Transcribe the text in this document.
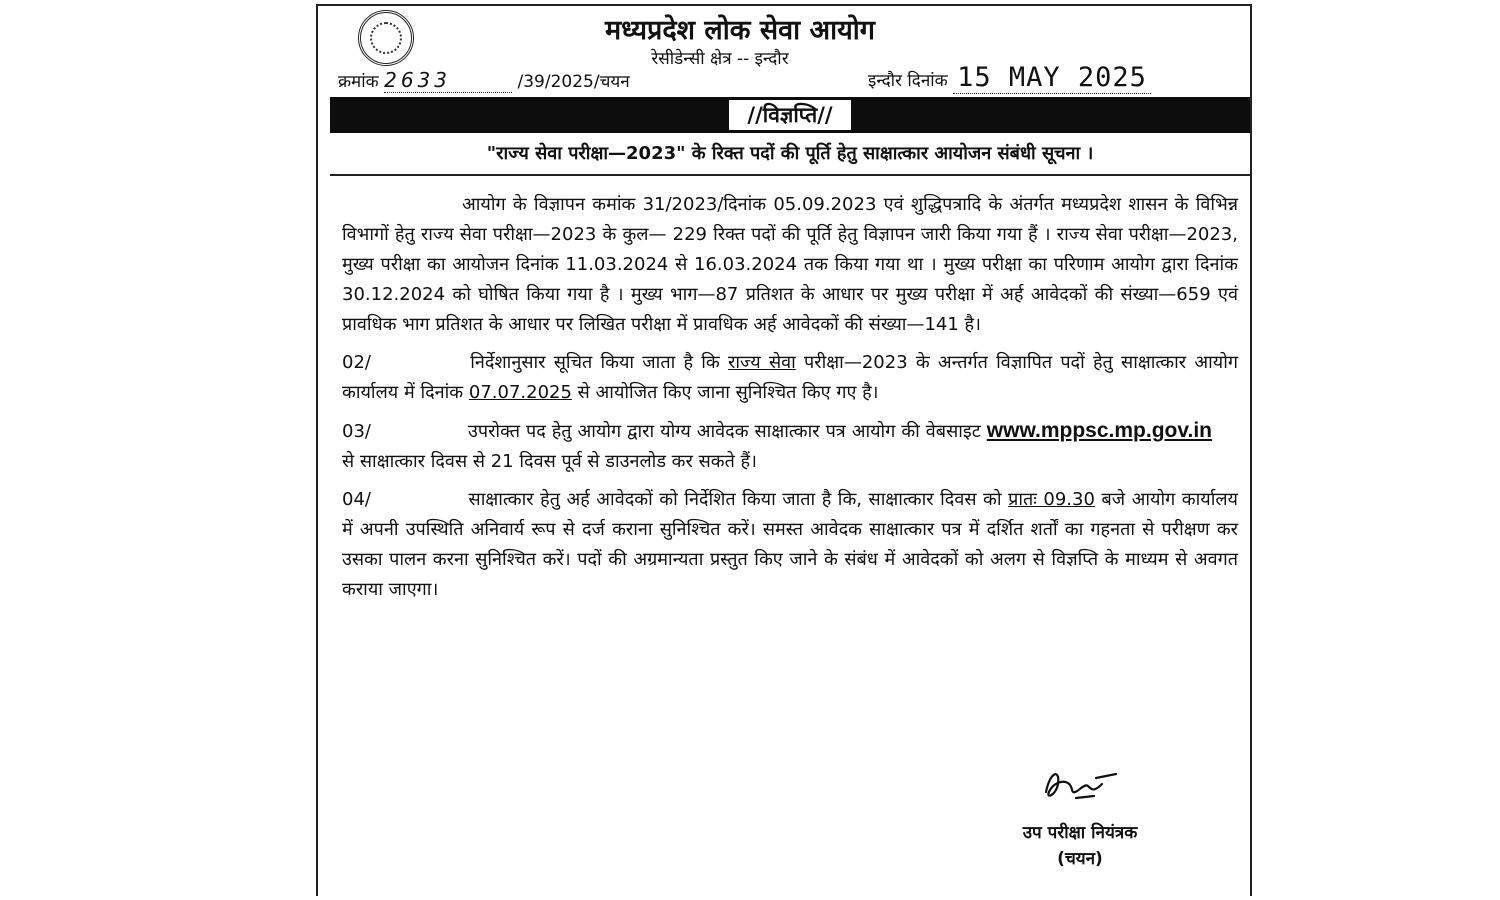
मध्यप्रदेश लोक सेवा आयोग
रेसीडेन्सी क्षेत्र -- इन्दौर
क्रमांक 2633	/39/2025/चयन	इन्दौर दिनांक 15 MAY 2025
//विज्ञप्ति//
"राज्य सेवा परीक्षा—2023" के रिक्त पदों की पूर्ति हेतु साक्षात्कार आयोजन संबंधी सूचना ।

आयोग के विज्ञापन कमांक 31/2023/दिनांक 05.09.2023 एवं शुद्धिपत्रादि के अंतर्गत मध्यप्रदेश शासन के विभिन्न विभागों हेतु राज्य सेवा परीक्षा—2023 के कुल— 229 रिक्त पदों की पूर्ति हेतु विज्ञापन जारी किया गया हैं । राज्य सेवा परीक्षा—2023, मुख्य परीक्षा का आयोजन दिनांक 11.03.2024 से 16.03.2024 तक किया गया था । मुख्य परीक्षा का परिणाम आयोग द्वारा दिनांक 30.12.2024 को घोषित किया गया है । मुख्य भाग—87 प्रतिशत के आधार पर मुख्य परीक्षा में अर्ह आवेदकों की संख्या—659 एवं प्रावधिक भाग प्रतिशत के आधार पर लिखित परीक्षा में प्रावधिक अर्ह आवेदकों की संख्या—141 है।

02/	निर्देशानुसार सूचित किया जाता है कि राज्य सेवा परीक्षा—2023 के अन्तर्गत विज्ञापित पदों हेतु साक्षात्कार आयोग कार्यालय में दिनांक 07.07.2025 से आयोजित किए जाना सुनिश्चित किए गए है।

03/	उपरोक्त पद हेतु आयोग द्वारा योग्य आवेदक साक्षात्कार पत्र आयोग की वेबसाइट www.mppsc.mp.gov.in से साक्षात्कार दिवस से 21 दिवस पूर्व से डाउनलोड कर सकते हैं।

04/	साक्षात्कार हेतु अर्ह आवेदकों को निर्देशित किया जाता है कि, साक्षात्कार दिवस को प्रातः 09.30 बजे आयोग कार्यालय में अपनी उपस्थिति अनिवार्य रूप से दर्ज कराना सुनिश्चित करें। समस्त आवेदक साक्षात्कार पत्र में दर्शित शर्तों का गहनता से परीक्षण कर उसका पालन करना सुनिश्चित करें। पदों की अग्रमान्यता प्रस्तुत किए जाने के संबंध में आवेदकों को अलग से विज्ञप्ति के माध्यम से अवगत कराया जाएगा।

उप परीक्षा नियंत्रक
(चयन)
